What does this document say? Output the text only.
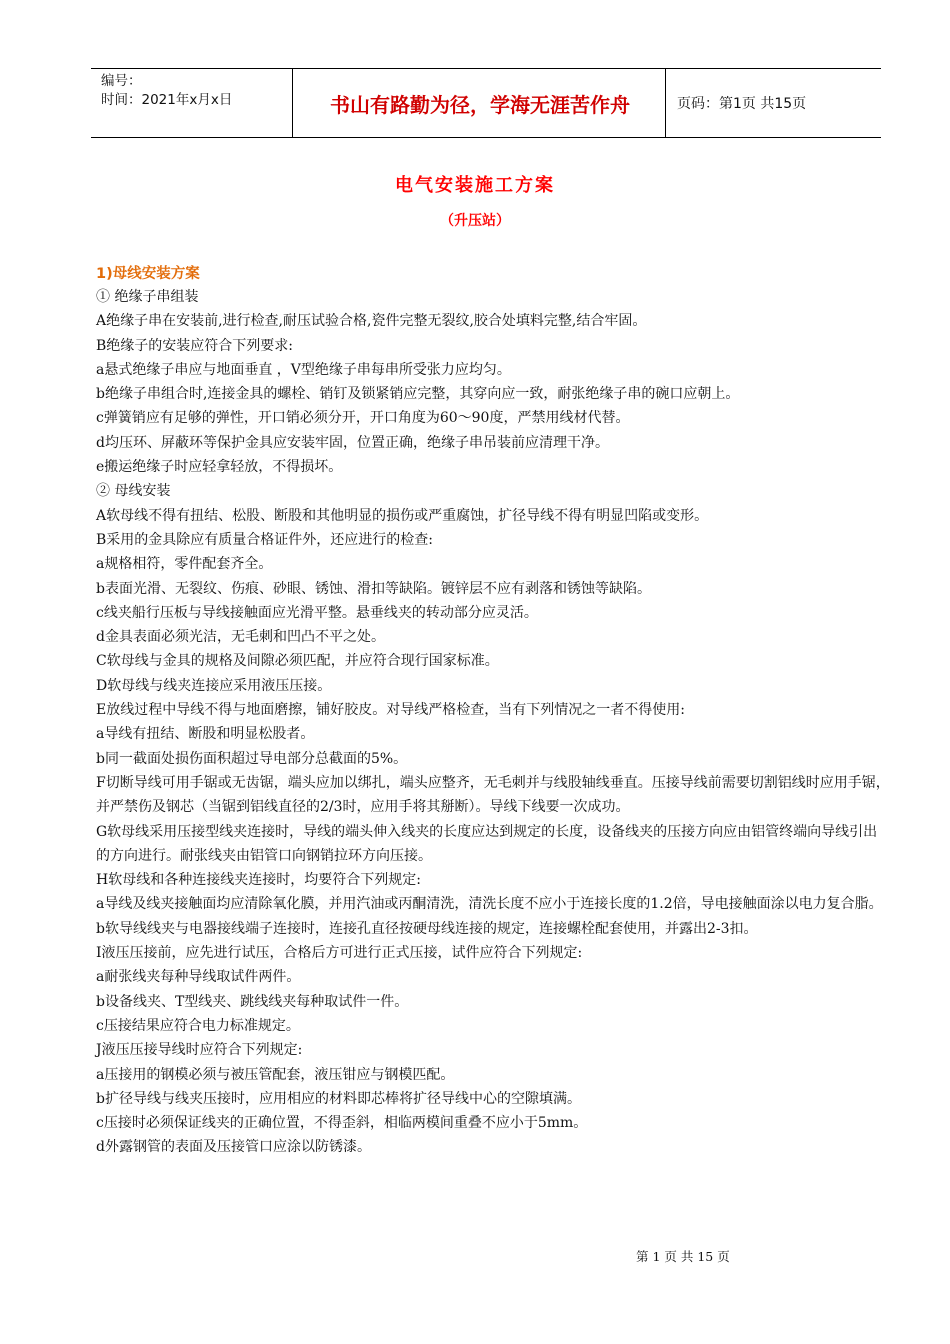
编号：
时间：2021年x月x日	书山有路勤为径，学海无涯苦作舟	页码：第1页 共15页
电气安装施工方案
（升压站）
1)母线安装方案

① 绝缘子串组装

A绝缘子串在安装前,进行检查,耐压试验合格,瓷件完整无裂纹,胶合处填料完整,结合牢固。

B绝缘子的安装应符合下列要求:

a悬式绝缘子串应与地面垂直 ，V型绝缘子串每串所受张力应均匀。

b绝缘子串组合时,连接金具的螺栓、销钉及锁紧销应完整，其穿向应一致，耐张绝缘子串的碗口应朝上。

c弹簧销应有足够的弹性，开口销必须分开，开口角度为60～90度，严禁用线材代替。

d均压环、屏蔽环等保护金具应安装牢固，位置正确，绝缘子串吊装前应清理干净。

e搬运绝缘子时应轻拿轻放，不得损坏。

② 母线安装

A软母线不得有扭结、松股、断股和其他明显的损伤或严重腐蚀，扩径导线不得有明显凹陷或变形。

B采用的金具除应有质量合格证件外，还应进行的检查:

a规格相符，零件配套齐全。

b表面光滑、无裂纹、伤痕、砂眼、锈蚀、滑扣等缺陷。镀锌层不应有剥落和锈蚀等缺陷。

c线夹船行压板与导线接触面应光滑平整。悬垂线夹的转动部分应灵活。

d金具表面必须光洁，无毛刺和凹凸不平之处。

C软母线与金具的规格及间隙必须匹配，并应符合现行国家标准。

D软母线与线夹连接应采用液压压接。

E放线过程中导线不得与地面磨擦，铺好胶皮。对导线严格检查，当有下列情况之一者不得使用:

a导线有扭结、断股和明显松股者。

b同一截面处损伤面积超过导电部分总截面的5%。

F切断导线可用手锯或无齿锯，端头应加以绑扎，端头应整齐，无毛刺并与线股轴线垂直。压接导线前需要切割铝线时应用手锯，并严禁伤及钢芯（当锯到铝线直径的2/3时，应用手将其掰断）。导线下线要一次成功。

G软母线采用压接型线夹连接时，导线的端头伸入线夹的长度应达到规定的长度，设备线夹的压接方向应由铝管终端向导线引出的方向进行。耐张线夹由铝管口向钢销拉环方向压接。

H软母线和各种连接线夹连接时，均要符合下列规定:

a导线及线夹接触面均应清除氧化膜，并用汽油或丙酮清洗，清洗长度不应小于连接长度的1.2倍，导电接触面涂以电力复合脂。

b软导线线夹与电器接线端子连接时，连接孔直径按硬母线连接的规定，连接螺栓配套使用，并露出2-3扣。

I液压压接前，应先进行试压，合格后方可进行正式压接，试件应符合下列规定:

a耐张线夹每种导线取试件两件。

b设备线夹、T型线夹、跳线线夹每种取试件一件。

c压接结果应符合电力标准规定。

J液压压接导线时应符合下列规定:

a压接用的钢模必须与被压管配套，液压钳应与钢模匹配。

b扩径导线与线夹压接时，应用相应的材料即芯棒将扩径导线中心的空隙填满。

c压接时必须保证线夹的正确位置，不得歪斜，相临两模间重叠不应小于5mm。

d外露钢管的表面及压接管口应涂以防锈漆。

第 1 页 共 15 页
